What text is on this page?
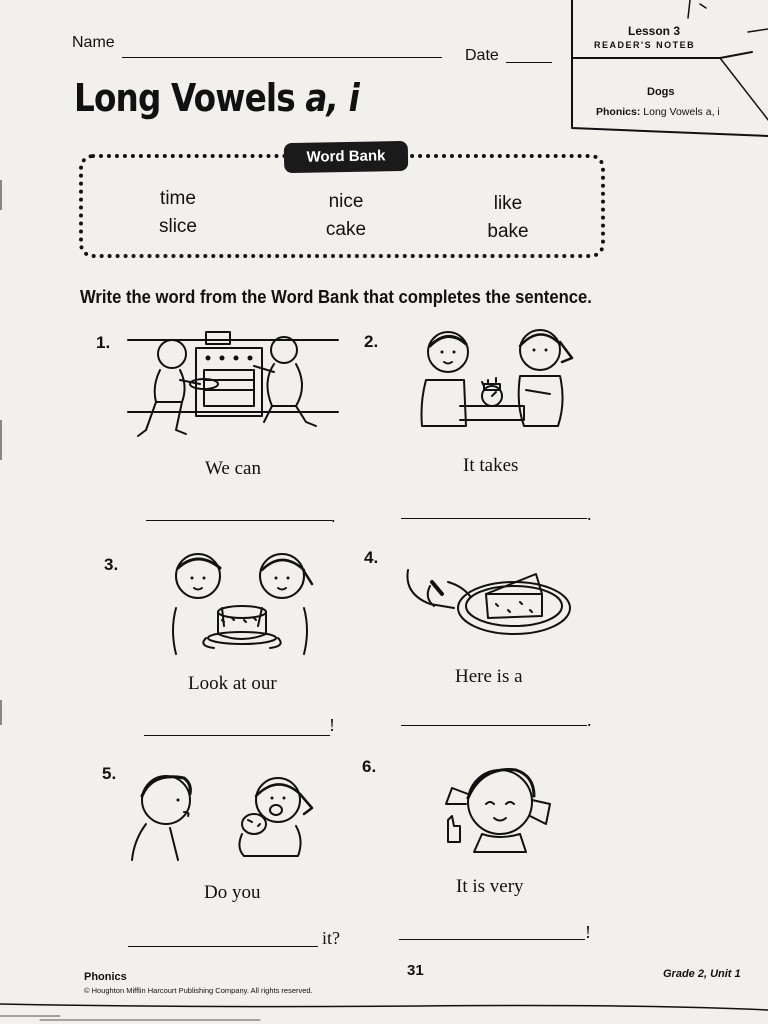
Name
Date
Lesson 3
READER'S NOTEB
Dogs
Phonics: Long Vowels a, i
Long Vowels a, i
Word Bank
time
slice
nice
cake
like
bake
Write the word from the Word Bank that completes the sentence.
1.
We can
.
2.
It takes
.
3.
Look at our
!
4.
Here is a
.
5.
Do you
it?
6.
It is very
!
Phonics
© Houghton Mifflin Harcourt Publishing Company. All rights reserved.
31	Grade 2, Unit 1
